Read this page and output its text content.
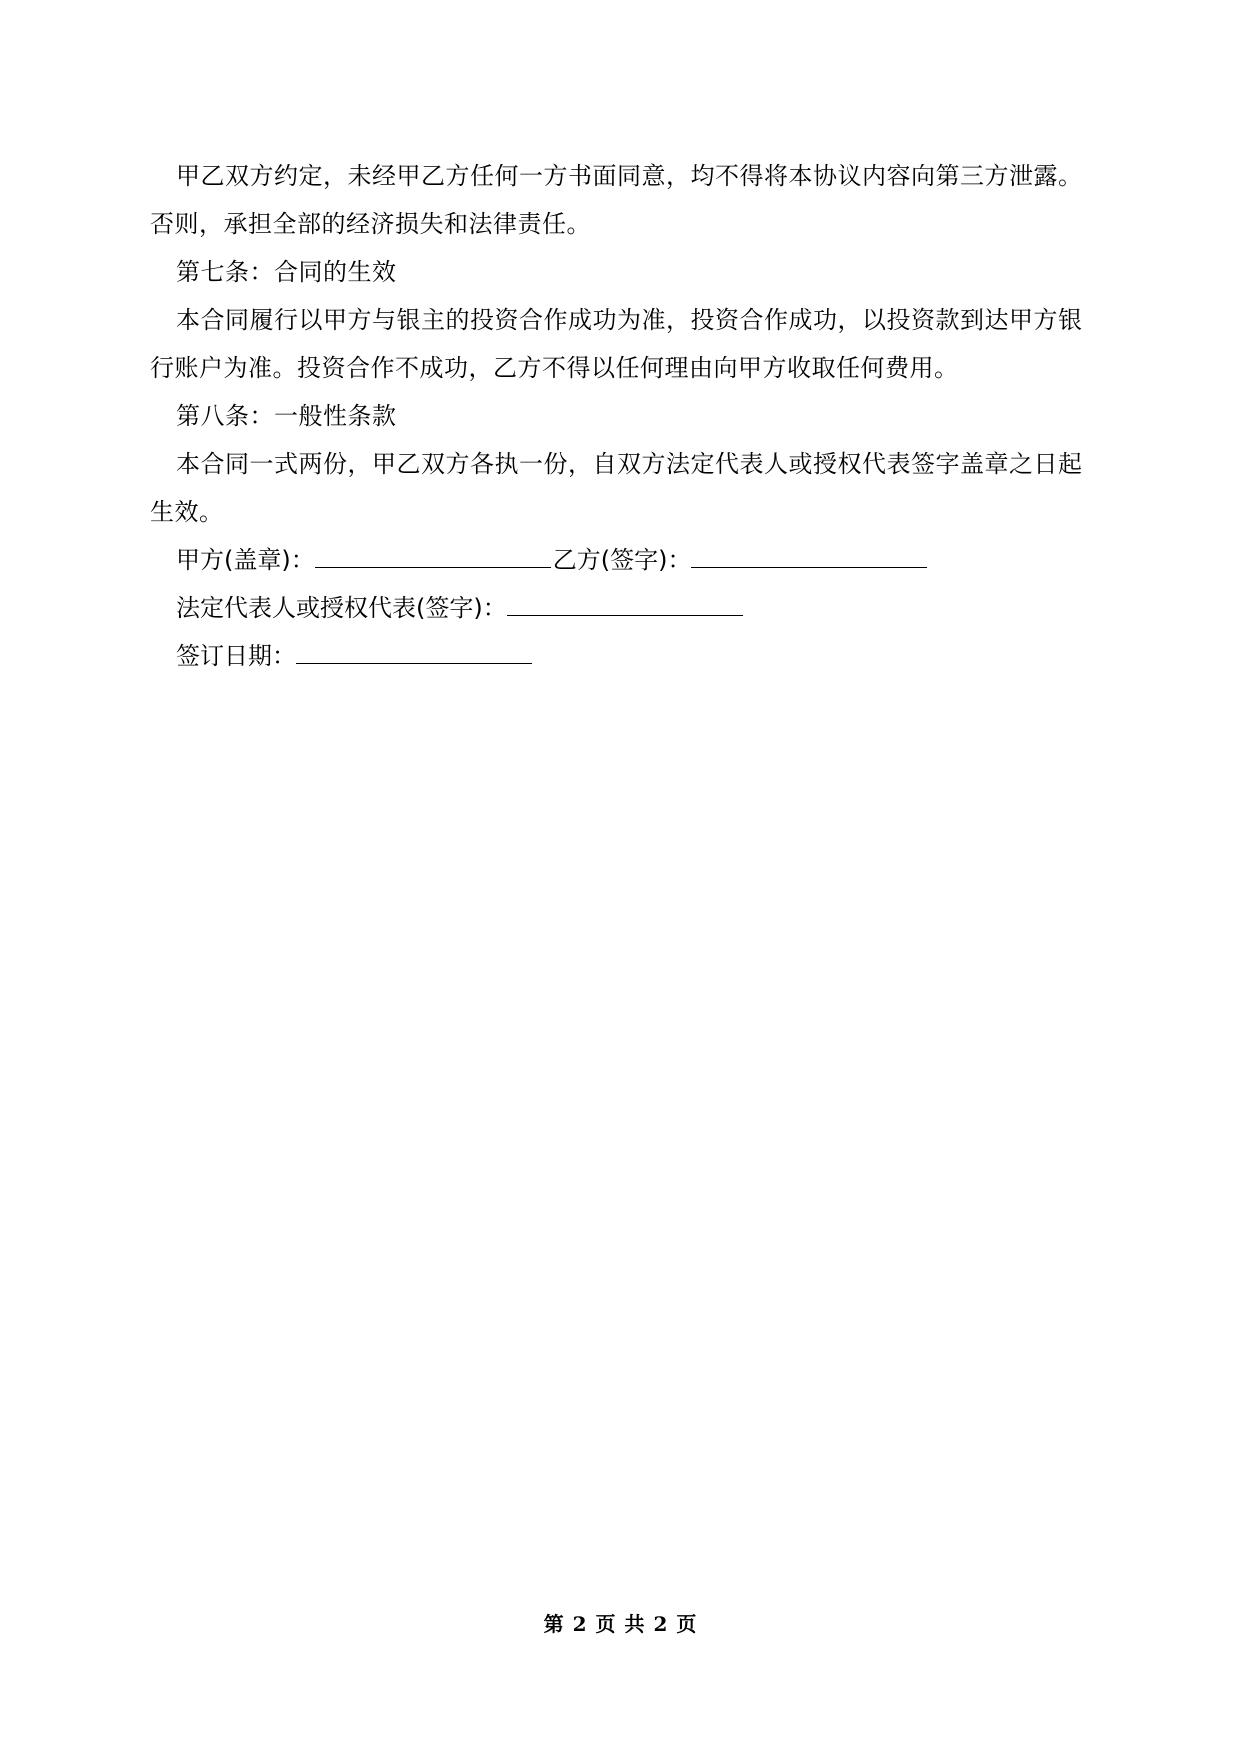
甲乙双方约定，未经甲乙方任何一方书面同意，均不得将本协议内容向第三方泄露。否则，承担全部的经济损失和法律责任。

第七条：合同的生效

本合同履行以甲方与银主的投资合作成功为准，投资合作成功，以投资款到达甲方银行账户为准。投资合作不成功，乙方不得以任何理由向甲方收取任何费用。

第八条：一般性条款

本合同一式两份，甲乙双方各执一份，自双方法定代表人或授权代表签字盖章之日起生效。

甲方(盖章)：	乙方(签字)：
法定代表人或授权代表(签字)：
签订日期：
第 2 页 共 2 页
